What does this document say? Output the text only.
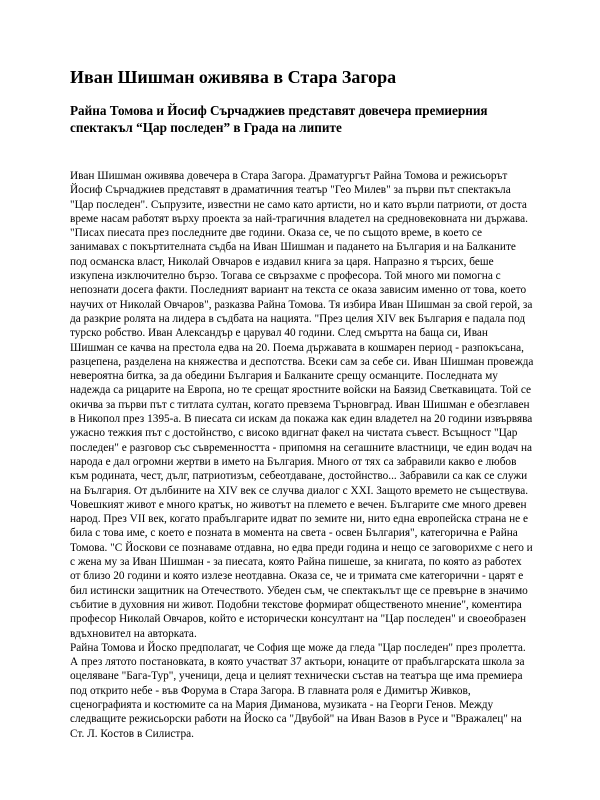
Иван Шишман оживява в Стара Загора
Райна Томова и Йосиф Сърчаджиев представят довечера премиерния спектакъл “Цар последен” в Града на липите

Иван Шишман оживява довечера в Стара Загора. Драматургът Райна Томова и режисьорът Йосиф Сърчаджиев представят в драматичния театър "Гео Милев" за първи път спектакъла "Цар последен". Съпрузите, известни не само като артисти, но и като върли патриоти, от доста време насам работят върху проекта за най-трагичния владетел на средновековната ни държава. "Писах пиесата през последните две години. Оказа се, че по същото време, в което се занимавах с покъртителната съдба на Иван Шишман и падането на България и на Балканите под османска власт, Николай Овчаров е издавил книга за царя. Напразно я търсих, беше изкупена изключително бързо. Тогава се свързахме с професора. Той много ми помогна с непознати досега факти. Последният вариант на текста се оказа зависим именно от това, което научих от Николай Овчаров", разказва Райна Томова. Тя избира Иван Шишман за свой герой, за да разкрие ролята на лидера в съдбата на нацията. "През целия XIV век България е падала под турско робство. Иван Александър е царувал 40 години. След смъртта на баща си, Иван Шишман се качва на престола едва на 20. Поема държавата в кошмарен период - разпокъсана, разцепена, разделена на княжества и деспотства. Всеки сам за себе си. Иван Шишман провежда невероятна битка, за да обедини България и Балканите срещу османците. Последната му надежда са рицарите на Европа, но те срещат яростните войски на Баязид Светкавицата. Той се окичва за първи път с титлата султан, когато превзема Търновград. Иван Шишман е обезглавен в Никопол през 1395-а. В пиесата си искам да покажа как един владетел на 20 години извървява ужасно тежкия път с достойнство, с високо вдигнат факел на чистата съвест. Всъщност "Цар последен" е разговор със съвременността - припомня на сегашните властници, че един водач на народа е дал огромни жертви в името на България. Много от тях са забравили какво е любов към родината, чест, дълг, патриотизъм, себеотдаване, достойнство... Забравили са как се служи на България. От дълбините на XIV век се случва диалог с XXI. Защото времето не съществува. Човешкият живот е много кратък, но животът на племето е вечен. Българите сме много древен народ. През VII век, когато прабългарите идват по земите ни, нито една европейска страна не е била с това име, с което е позната в момента на света - освен България", категорична е Райна Томова. "С Йоскови се познаваме отдавна, но едва преди година и нещо се заговорихме с него и с жена му за Иван Шишман - за пиесата, която Райна пишеше, за книгата, по която аз работех от близо 20 години и която излезе неотдавна. Оказа се, че и тримата сме категорични - царят е бил истински защитник на Отечеството. Убеден съм, че спектакълът ще се превърне в значимо събитие в духовния ни живот. Подобни текстове формират общественото мнение", коментира професор Николай Овчаров, който е исторически консултант на "Цар последен" и своеобразен вдъхновител на авторката.

Райна Томова и Йоско предполагат, че София ще може да гледа "Цар последен" през пролетта. А през лятото постановката, в която участват 37 актьори, юнаците от прабългарската школа за оцеляване "Бага-Тур", ученици, деца и целият технически състав на театъра ще има премиера под открито небе - във Форума в Стара Загора. В главната роля е Димитър Живков, сценографията и костюмите са на Мария Диманова, музиката - на Георги Генов. Между следващите режисьорски работи на Йоско са "Двубой" на Иван Вазов в Русе и "Вражалец" на Ст. Л. Костов в Силистра.
